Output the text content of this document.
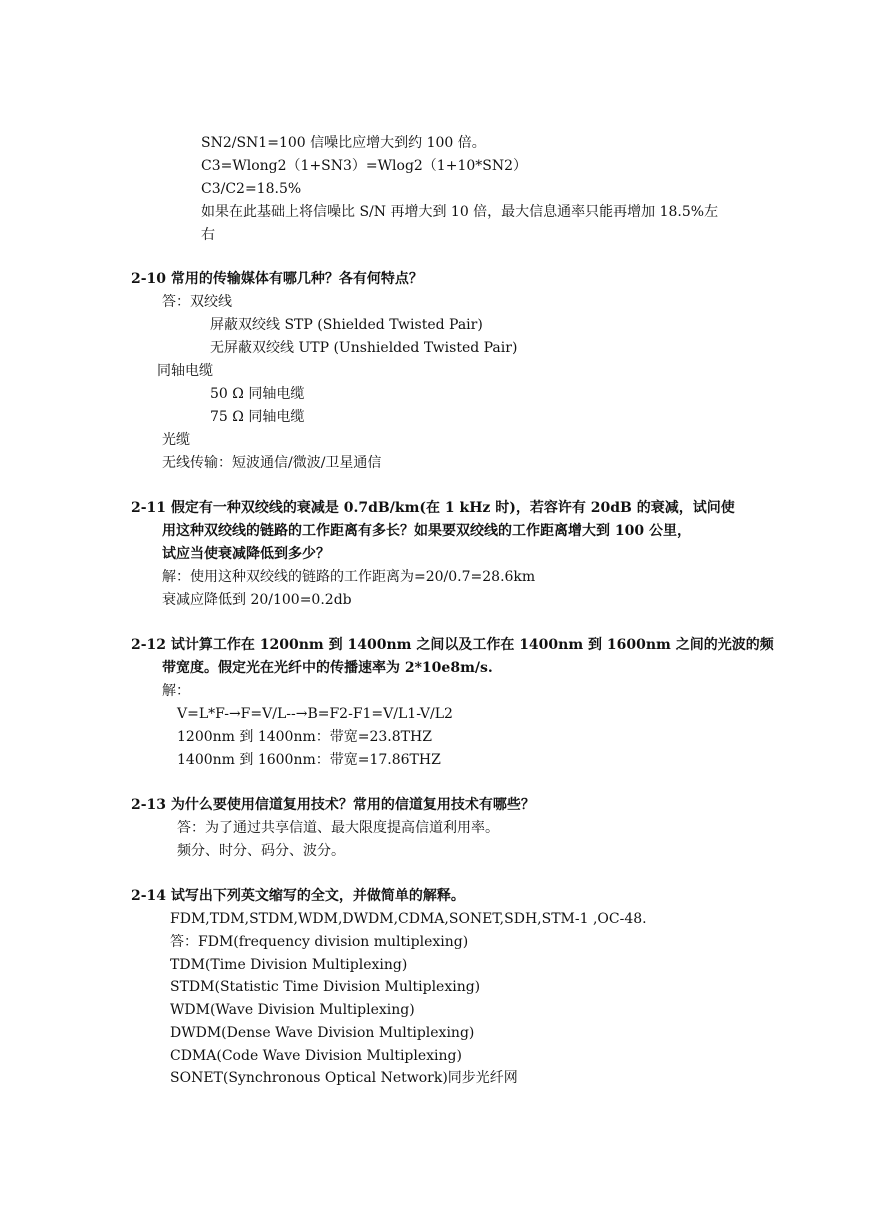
SN2/SN1=100 信噪比应增大到约 100 倍。

C3=Wlong2（1+SN3）=Wlog2（1+10*SN2）

C3/C2=18.5%

如果在此基础上将信噪比 S/N 再增大到 10 倍，最大信息通率只能再增加 18.5%左

右

2-10 常用的传输媒体有哪几种？各有何特点？

答：双绞线

屏蔽双绞线 STP (Shielded Twisted Pair)

无屏蔽双绞线 UTP (Unshielded Twisted Pair)

同轴电缆

50 Ω 同轴电缆

75 Ω 同轴电缆

光缆

无线传输：短波通信/微波/卫星通信

2-11 假定有一种双绞线的衰减是 0.7dB/km(在 1 kHz 时)，若容许有 20dB 的衰减，试问使

用这种双绞线的链路的工作距离有多长？如果要双绞线的工作距离增大到 100 公里，

试应当使衰减降低到多少？

解：使用这种双绞线的链路的工作距离为=20/0.7=28.6km

衰减应降低到 20/100=0.2db

2-12 试计算工作在 1200nm 到 1400nm 之间以及工作在 1400nm 到 1600nm 之间的光波的频

带宽度。假定光在光纤中的传播速率为 2*10e8m/s.

解：

V=L*F-→F=V/L--→B=F2-F1=V/L1-V/L2

1200nm 到 1400nm：带宽=23.8THZ

1400nm 到 1600nm：带宽=17.86THZ

2-13 为什么要使用信道复用技术？常用的信道复用技术有哪些？

答：为了通过共享信道、最大限度提高信道利用率。

频分、时分、码分、波分。

2-14 试写出下列英文缩写的全文，并做简单的解释。

FDM,TDM,STDM,WDM,DWDM,CDMA,SONET,SDH,STM-1 ,OC-48.

答：FDM(frequency division multiplexing)

TDM(Time Division Multiplexing)

STDM(Statistic Time Division Multiplexing)

WDM(Wave Division Multiplexing)

DWDM(Dense Wave Division Multiplexing)

CDMA(Code Wave Division Multiplexing)

SONET(Synchronous Optical Network)同步光纤网
